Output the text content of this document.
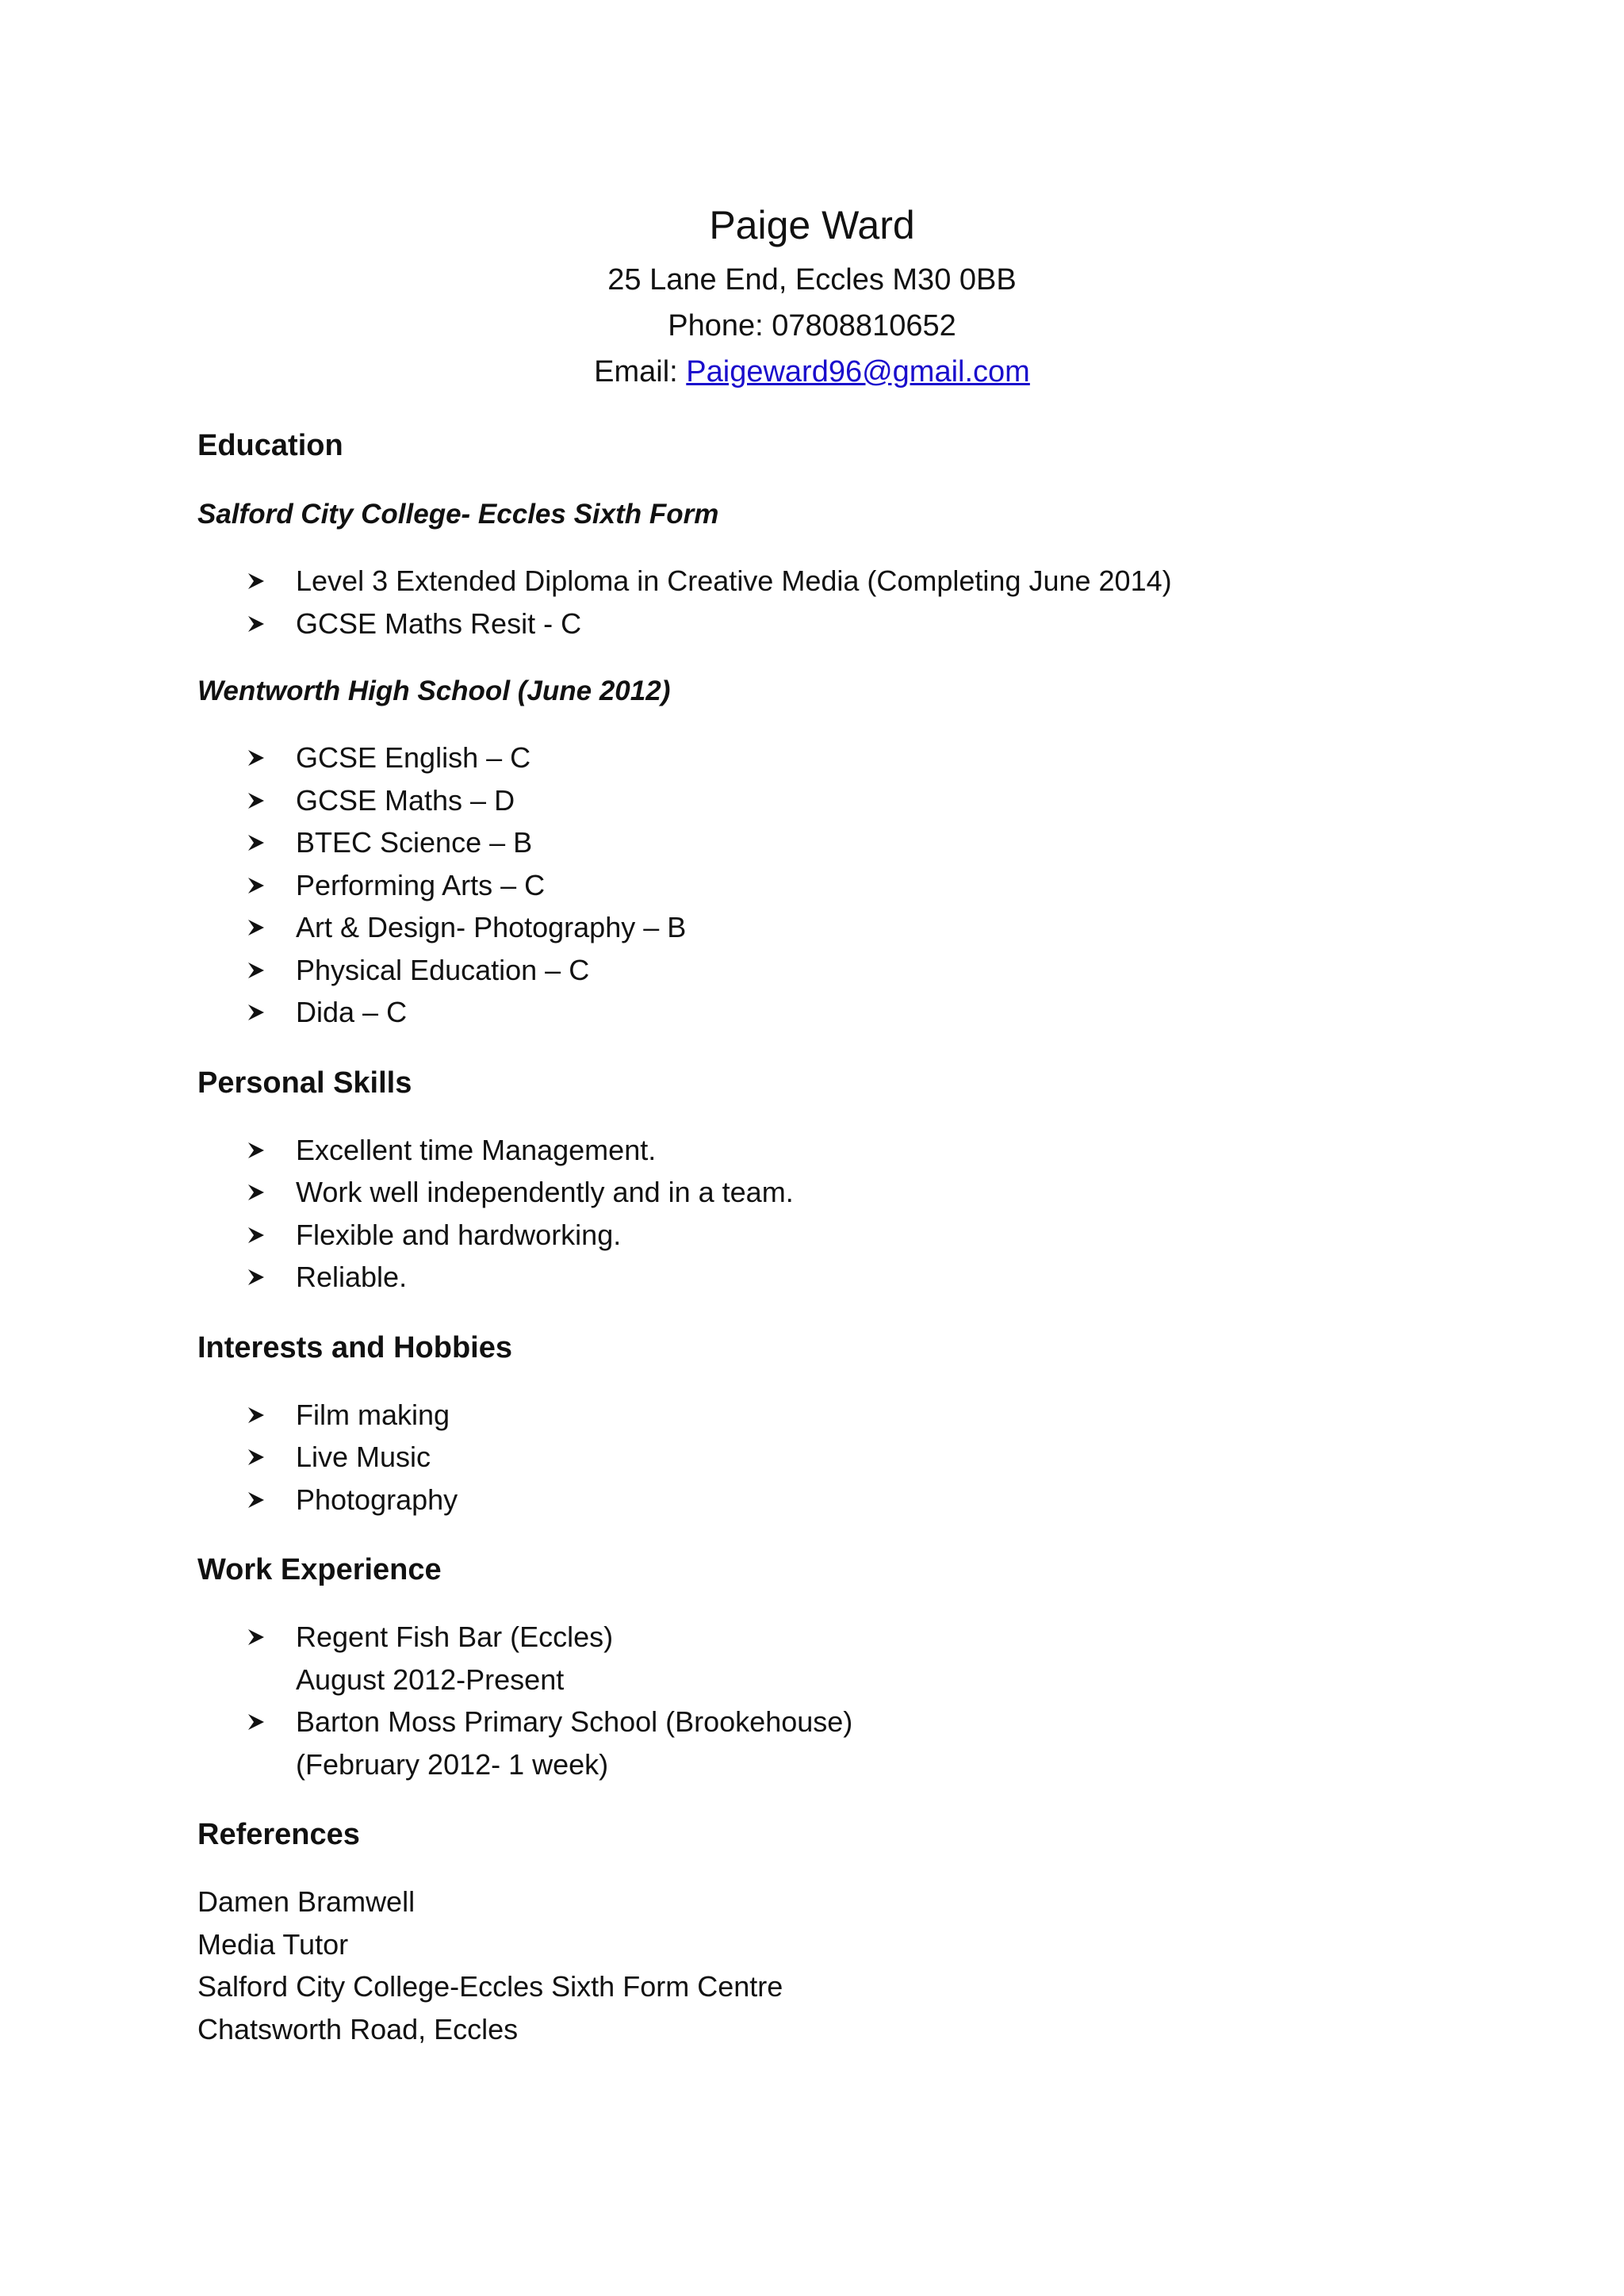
Paige Ward

25 Lane End, Eccles M30 0BB

Phone: 07808810652

Email: Paigeward96@gmail.com

Education
Salford City College- Eccles Sixth Form
Level 3 Extended Diploma in Creative Media (Completing June 2014)
GCSE Maths Resit - C
Wentworth High School (June 2012)
GCSE English – C
GCSE Maths – D
BTEC Science – B
Performing Arts – C
Art & Design- Photography – B
Physical Education – C
Dida – C
Personal Skills
Excellent time Management.
Work well independently and in a team.
Flexible and hardworking.
Reliable.
Interests and Hobbies
Film making
Live Music
Photography
Work Experience
Regent Fish Bar (Eccles)
August 2012-Present
Barton Moss Primary School (Brookehouse)
(February 2012- 1 week)
References

Damen Bramwell

Media Tutor

Salford City College-Eccles Sixth Form Centre

Chatsworth Road, Eccles
